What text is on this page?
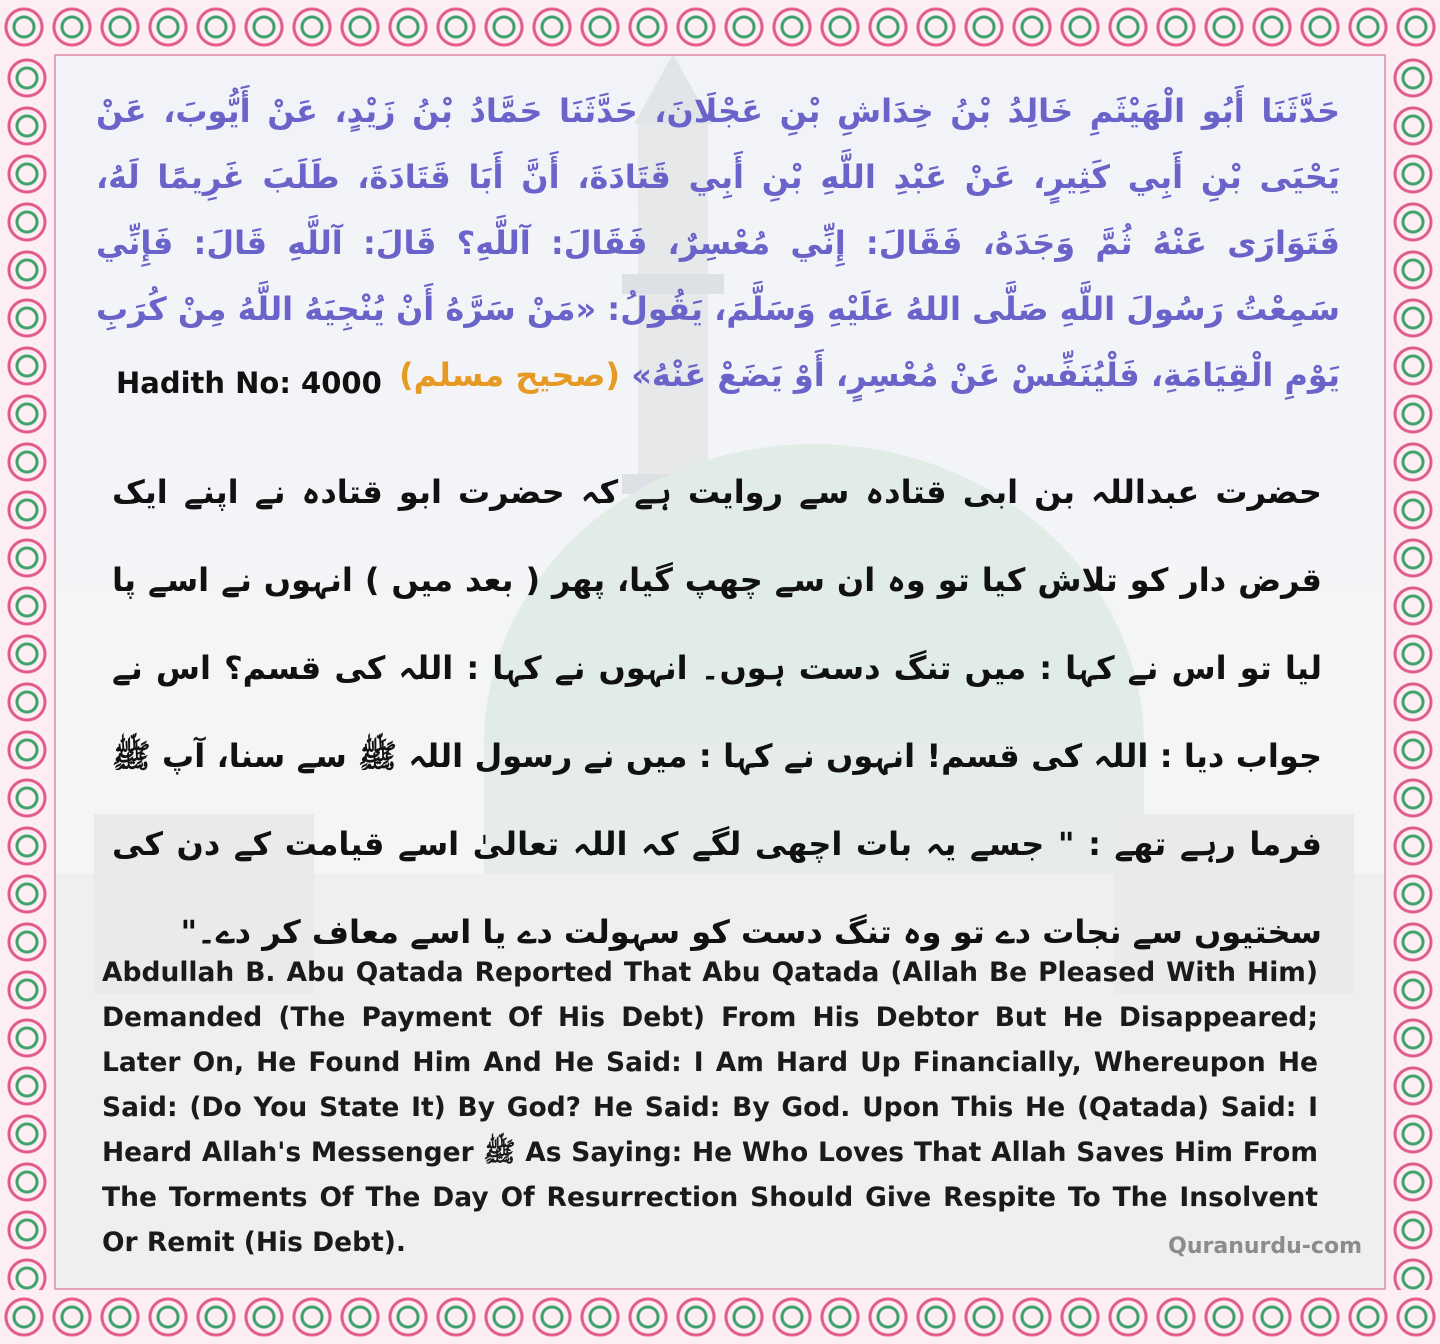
حَدَّثَنَا أَبُو الْهَيْثَمِ خَالِدُ بْنُ خِدَاشِ بْنِ عَجْلَانَ، حَدَّثَنَا حَمَّادُ بْنُ زَيْدٍ، عَنْ أَيُّوبَ، عَنْ يَحْيَى بْنِ أَبِي كَثِيرٍ، عَنْ عَبْدِ اللَّهِ بْنِ أَبِي قَتَادَةَ، أَنَّ أَبَا قَتَادَةَ، طَلَبَ غَرِيمًا لَهُ، فَتَوَارَى عَنْهُ ثُمَّ وَجَدَهُ، فَقَالَ: إِنِّي مُعْسِرٌ، فَقَالَ: آللَّهِ؟ قَالَ: آللَّهِ قَالَ: فَإِنِّي سَمِعْتُ رَسُولَ اللَّهِ صَلَّى اللهُ عَلَيْهِ وَسَلَّمَ، يَقُولُ: «مَنْ سَرَّهُ أَنْ يُنْجِيَهُ اللَّهُ مِنْ كُرَبِ يَوْمِ الْقِيَامَةِ، فَلْيُنَفِّسْ عَنْ مُعْسِرٍ، أَوْ يَضَعْ عَنْهُ» (صحیح مسلم)

Hadith No: 4000

حضرت عبداللہ بن ابی قتادہ سے روایت ہے کہ حضرت ابو قتادہ نے اپنے ایک قرض دار کو تلاش کیا تو وہ ان سے چھپ گیا، پھر ( بعد میں ) انہوں نے اسے پا لیا تو اس نے کہا : میں تنگ دست ہوں۔ انہوں نے کہا : اللہ کی قسم؟ اس نے جواب دیا : اللہ کی قسم! انہوں نے کہا : میں نے رسول اللہ ﷺ سے سنا، آپ ﷺ فرما رہے تھے : " جسے یہ بات اچھی لگے کہ اللہ تعالیٰ اسے قیامت کے دن کی سختیوں سے نجات دے تو وہ تنگ دست کو سہولت دے یا اسے معاف کر دے۔"

Abdullah B. Abu Qatada Reported That Abu Qatada (Allah Be Pleased With Him) Demanded (The Payment Of His Debt) From His Debtor But He Disappeared; Later On, He Found Him And He Said: I Am Hard Up Financially, Whereupon He Said: (Do You State It) By God? He Said: By God. Upon This He (Qatada) Said: I Heard Allah's Messenger ﷺ As Saying: He Who Loves That Allah Saves Him From The Torments Of The Day Of Resurrection Should Give Respite To The Insolvent Or Remit (His Debt).	Quranurdu-com
